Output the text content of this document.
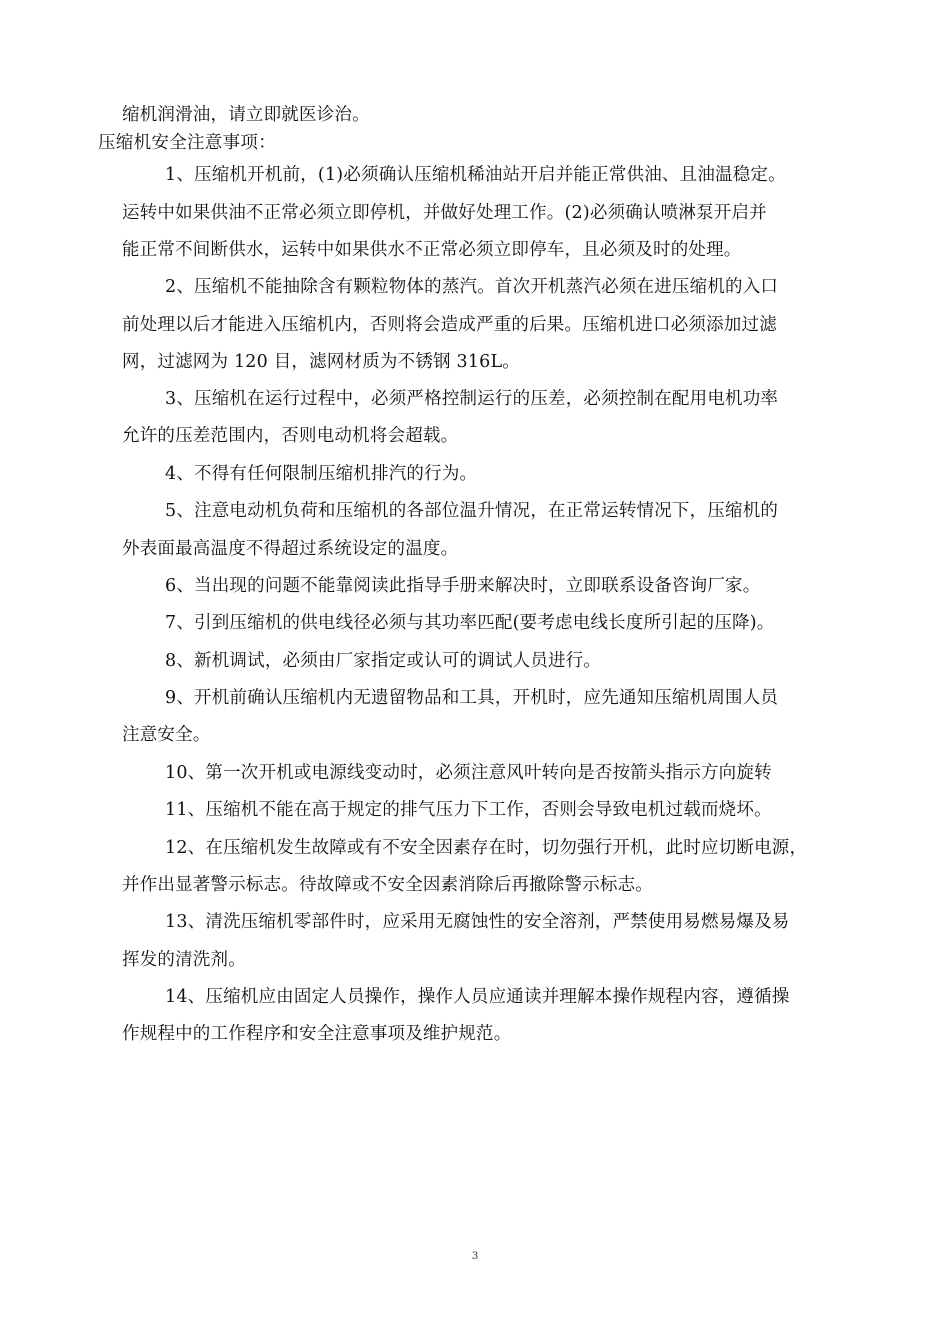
缩机润滑油，请立即就医诊治。
压缩机安全注意事项：
1、压缩机开机前，(1)必须确认压缩机稀油站开启并能正常供油、且油温稳定。
运转中如果供油不正常必须立即停机，并做好处理工作。(2)必须确认喷淋泵开启并
能正常不间断供水，运转中如果供水不正常必须立即停车，且必须及时的处理。
2、压缩机不能抽除含有颗粒物体的蒸汽。首次开机蒸汽必须在进压缩机的入口
前处理以后才能进入压缩机内，否则将会造成严重的后果。压缩机进口必须添加过滤
网，过滤网为 120 目，滤网材质为不锈钢 316L。
3、压缩机在运行过程中，必须严格控制运行的压差，必须控制在配用电机功率
允许的压差范围内，否则电动机将会超载。
4、不得有任何限制压缩机排汽的行为。
5、注意电动机负荷和压缩机的各部位温升情况，在正常运转情况下，压缩机的
外表面最高温度不得超过系统设定的温度。
6、当出现的问题不能靠阅读此指导手册来解决时，立即联系设备咨询厂家。
7、引到压缩机的供电线径必须与其功率匹配(要考虑电线长度所引起的压降)。
8、新机调试，必须由厂家指定或认可的调试人员进行。
9、开机前确认压缩机内无遗留物品和工具，开机时，应先通知压缩机周围人员
注意安全。
10、第一次开机或电源线变动时，必须注意风叶转向是否按箭头指示方向旋转
11、压缩机不能在高于规定的排气压力下工作，否则会导致电机过载而烧坏。
12、在压缩机发生故障或有不安全因素存在时，切勿强行开机，此时应切断电源，
并作出显著警示标志。待故障或不安全因素消除后再撤除警示标志。
13、清洗压缩机零部件时，应采用无腐蚀性的安全溶剂，严禁使用易燃易爆及易
挥发的清洗剂。
14、压缩机应由固定人员操作，操作人员应通读并理解本操作规程内容，遵循操
作规程中的工作程序和安全注意事项及维护规范。
3
